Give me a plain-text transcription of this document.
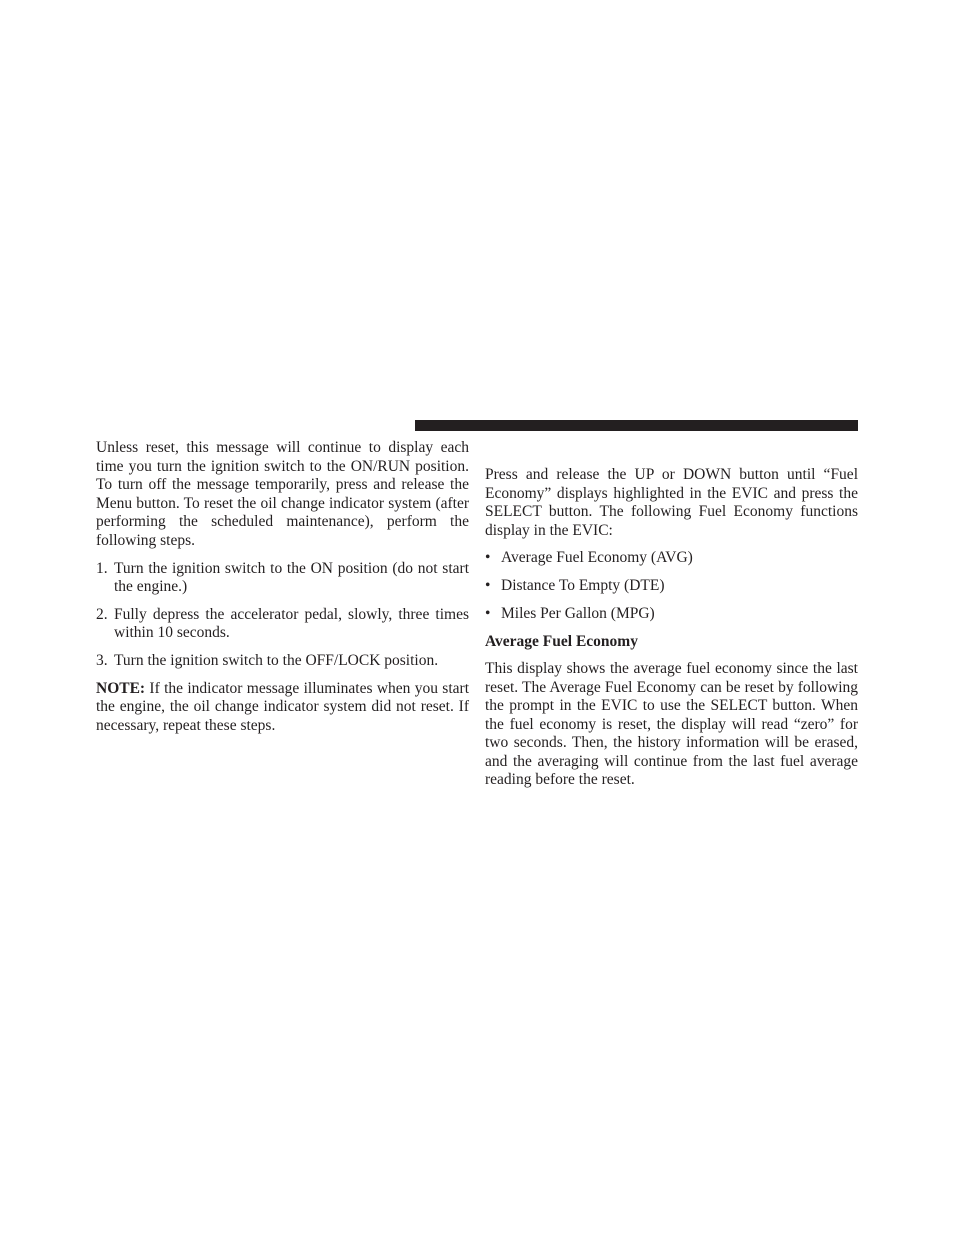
Unless reset, this message will continue to display each time you turn the ignition switch to the ON/RUN position. To turn off the message temporarily, press and release the Menu button. To reset the oil change indicator system (after performing the scheduled maintenance), perform the following steps.

1. Turn the ignition switch to the ON position (do not start the engine.)
2. Fully depress the accelerator pedal, slowly, three times within 10 seconds.
3. Turn the ignition switch to the OFF/LOCK position.

NOTE: If the indicator message illuminates when you start the engine, the oil change indicator system did not reset. If necessary, repeat these steps.

Press and release the UP or DOWN button until “Fuel Economy” displays highlighted in the EVIC and press the SELECT button. The following Fuel Economy functions display in the EVIC:

• Average Fuel Economy (AVG)
• Distance To Empty (DTE)
• Miles Per Gallon (MPG)
Average Fuel Economy

This display shows the average fuel economy since the last reset. The Average Fuel Economy can be reset by following the prompt in the EVIC to use the SELECT button. When the fuel economy is reset, the display will read “zero” for two seconds. Then, the history information will be erased, and the averaging will continue from the last fuel average reading before the reset.
